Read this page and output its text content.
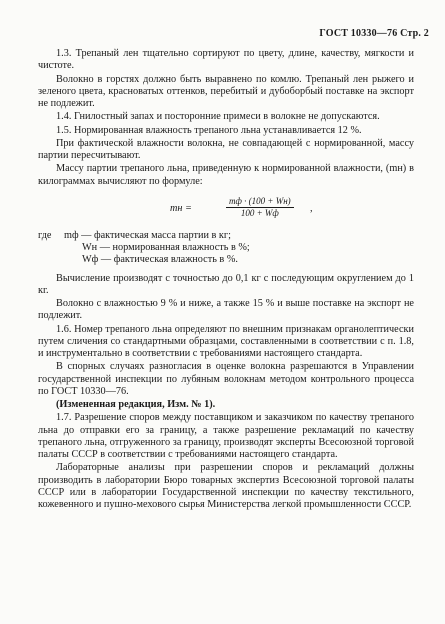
ГОСТ 10330—76 Стр. 2

1.3. Трепаный лен тщательно сортируют по цвету, длине, качеству, мягкости и чистоте.

Волокно в горстях должно быть выравнено по комлю. Трепаный лен рыжего и зеленого цвета, красноватых оттенков, перебитый и дубоборбый поставке на экспорт не подлежит.

1.4. Гнилостный запах и посторонние примеси в волокне не допускаются.

1.5. Нормированная влажность трепаного льна устанавливается 12 %.

При фактической влажности волокна, не совпадающей с нормированной, массу партии пересчитывают.

Массу партии трепаного льна, приведенную к нормированной влажности, (mн) в килограммах вычисляют по формуле:

mн =
mф · (100 + Wн)
100 + Wф	,
где mф — фактическая масса партии в кг;
Wн — нормированная влажность в %;
Wф — фактическая влажность в %.

Вычисление производят с точностью до 0,1 кг с последующим округлением до 1 кг.

Волокно с влажностью 9 % и ниже, а также 15 % и выше поставке на экспорт не подлежит.

1.6. Номер трепаного льна определяют по внешним признакам органолептически путем сличения со стандартными образцами, составленными в соответствии с п. 1.8, и инструментально в соответствии с требованиями настоящего стандарта.

В спорных случаях разногласия в оценке волокна разрешаются в Управлении государственной инспекции по лубяным волокнам методом контрольного процесса по ГОСТ 10330—76.

(Измененная редакция, Изм. № 1).

1.7. Разрешение споров между поставщиком и заказчиком по качеству трепаного льна до отправки его за границу, а также разрешение рекламаций по качеству трепаного льна, отгруженного за границу, производят эксперты Всесоюзной торговой палаты СССР в соответствии с требованиями настоящего стандарта.

Лабораторные анализы при разрешении споров и рекламаций должны производить в лаборатории Бюро товарных экспертиз Всесоюзной торговой палаты СССР или в лаборатории Государственной инспекции по качеству текстильного, кожевенного и пушно-мехового сырья Министерства легкой промышленности СССР.
